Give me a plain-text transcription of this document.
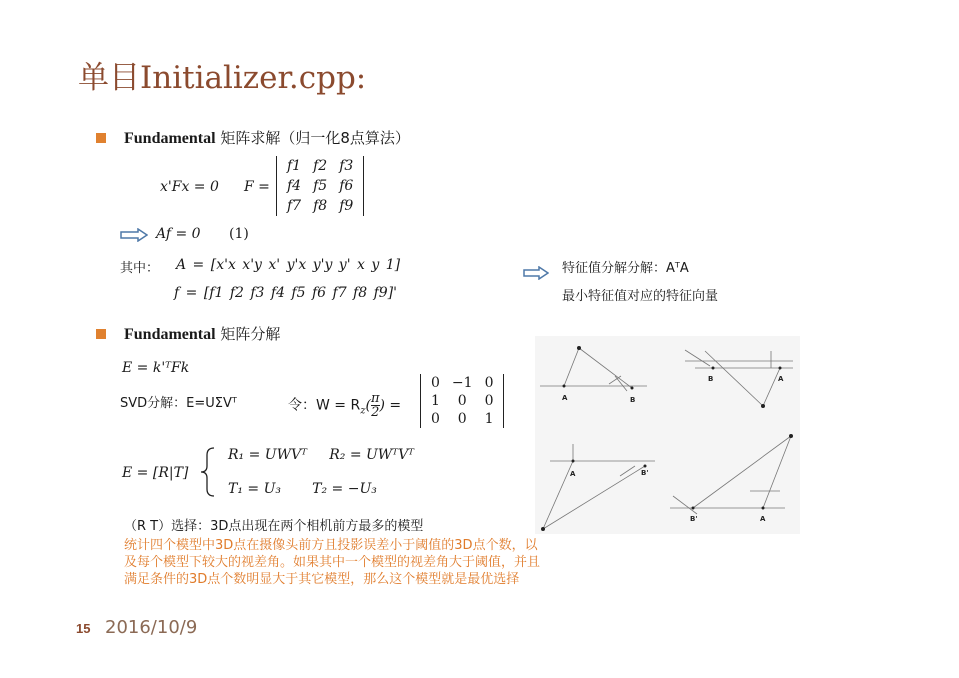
单目Initializer.cpp:
Fundamental 矩阵求解（归一化8点算法）
x'Fx = 0 F =
f1	f2	f3
f4	f5	f6
f7	f8	f9
Af = 0 (1)
其中： A = [x'x x'y x' y'x y'y y' x y 1]
f = [f1 f2 f3 f4 f5 f6 f7 f8 f9]'
特征值分解分解：AᵀA
最小特征值对应的特征向量
Fundamental 矩阵分解
E = k'ᵀFk
SVD分解：E=UΣVᵀ	令：$W = R_z( \frac{\pi}{2}$ ) =
0	−1	0
1	0	0
0	0	1
E = [R|T]
R₁ = UWVᵀ     R₂ = UWᵀVᵀ
T₁ = U₃       T₂ = −U₃
（R T）选择：3D点出现在两个相机前方最多的模型
统计四个模型中3D点在摄像头前方且投影误差小于阈值的3D点个数，以及每个模型下较大的视差角。如果其中一个模型的视差角大于阈值，并且满足条件的3D点个数明显大于其它模型，那么这个模型就是最优选择
A	B
B	A
A	B'
B'	A
15 2016/10/9
